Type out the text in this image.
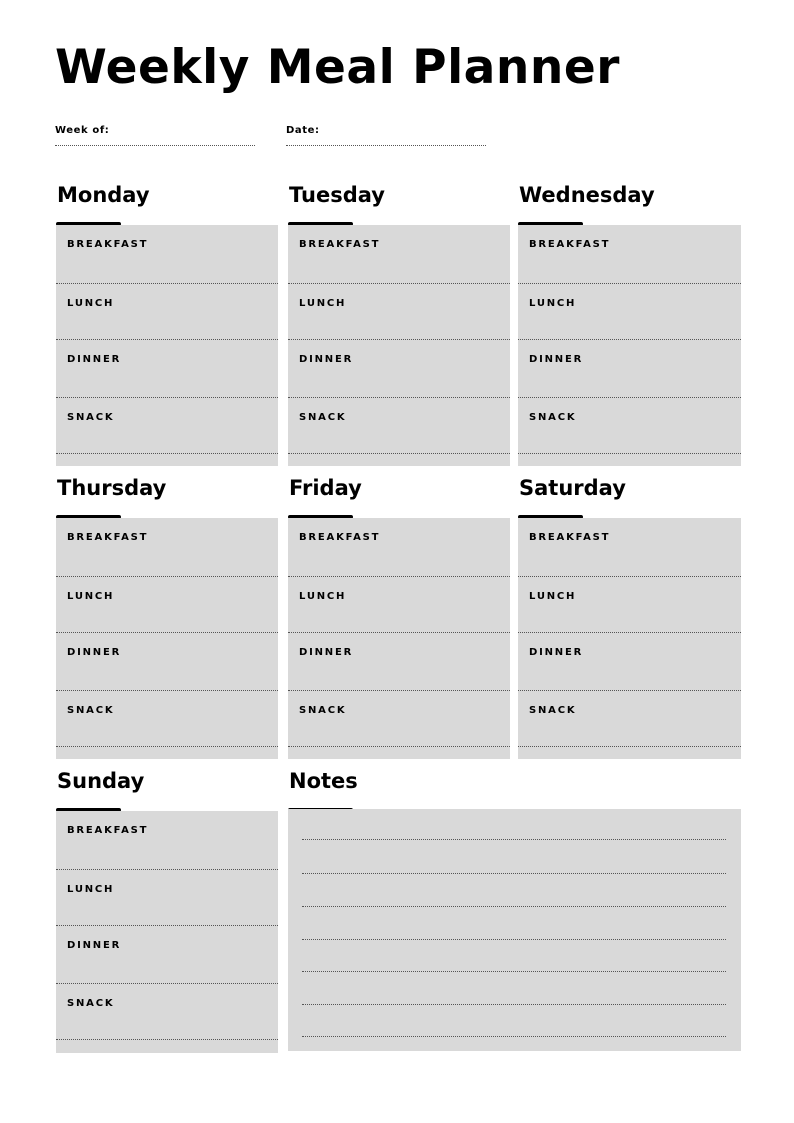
Weekly Meal Planner
Week of:	Date:
Monday
BREAKFAST
LUNCH
DINNER
SNACK
Tuesday
BREAKFAST
LUNCH
DINNER
SNACK
Wednesday
BREAKFAST
LUNCH
DINNER
SNACK
Thursday
BREAKFAST
LUNCH
DINNER
SNACK
Friday
BREAKFAST
LUNCH
DINNER
SNACK
Saturday
BREAKFAST
LUNCH
DINNER
SNACK
Sunday
BREAKFAST
LUNCH
DINNER
SNACK
Notes
